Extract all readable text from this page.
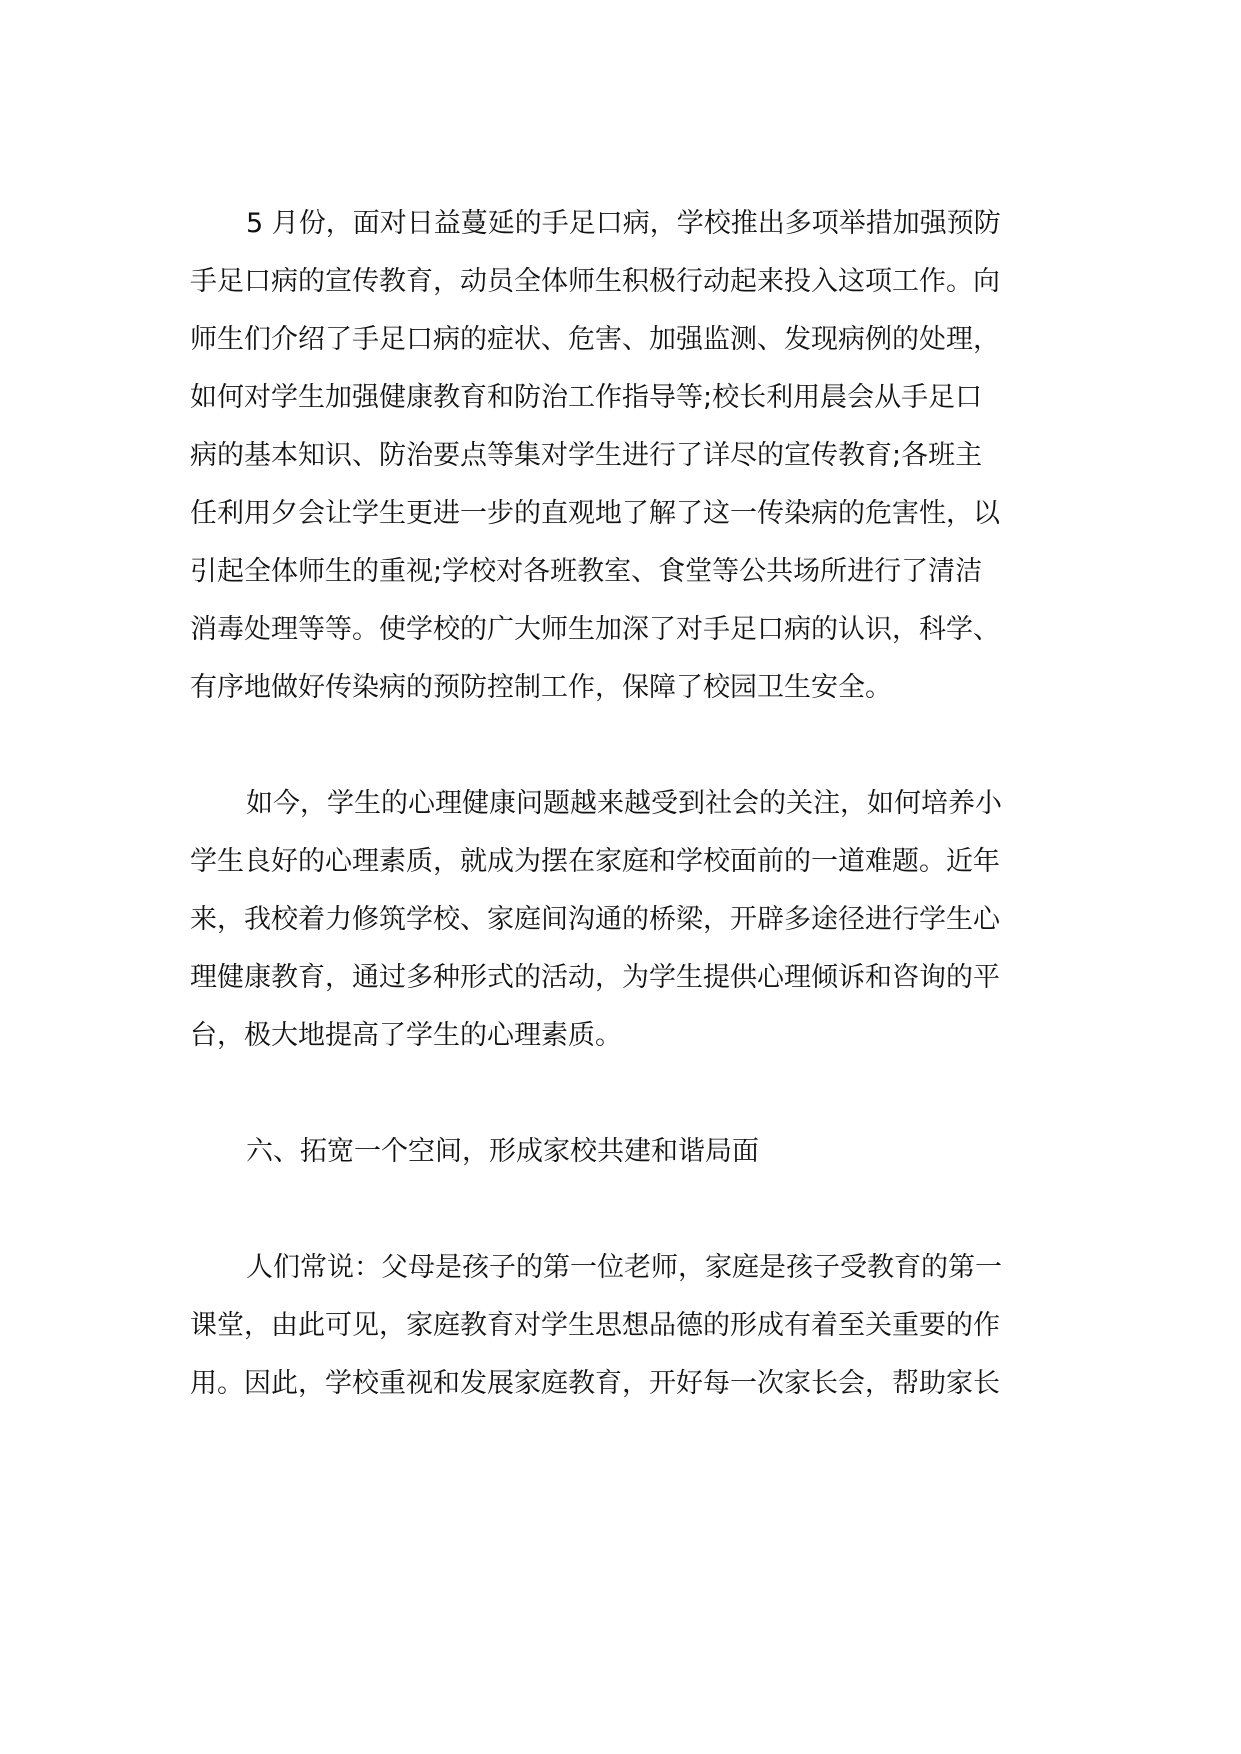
5 月份，面对日益蔓延的手足口病，学校推出多项举措加强预防
手足口病的宣传教育，动员全体师生积极行动起来投入这项工作。向
师生们介绍了手足口病的症状、危害、加强监测、发现病例的处理，
如何对学生加强健康教育和防治工作指导等;校长利用晨会从手足口
病的基本知识、防治要点等集对学生进行了详尽的宣传教育;各班主
任利用夕会让学生更进一步的直观地了解了这一传染病的危害性，以
引起全体师生的重视;学校对各班教室、食堂等公共场所进行了清洁
消毒处理等等。使学校的广大师生加深了对手足口病的认识，科学、
有序地做好传染病的预防控制工作，保障了校园卫生安全。
如今，学生的心理健康问题越来越受到社会的关注，如何培养小
学生良好的心理素质，就成为摆在家庭和学校面前的一道难题。近年
来，我校着力修筑学校、家庭间沟通的桥梁，开辟多途径进行学生心
理健康教育，通过多种形式的活动，为学生提供心理倾诉和咨询的平
台，极大地提高了学生的心理素质。
六、拓宽一个空间，形成家校共建和谐局面
人们常说：父母是孩子的第一位老师，家庭是孩子受教育的第一
课堂，由此可见，家庭教育对学生思想品德的形成有着至关重要的作
用。因此，学校重视和发展家庭教育，开好每一次家长会，帮助家长
